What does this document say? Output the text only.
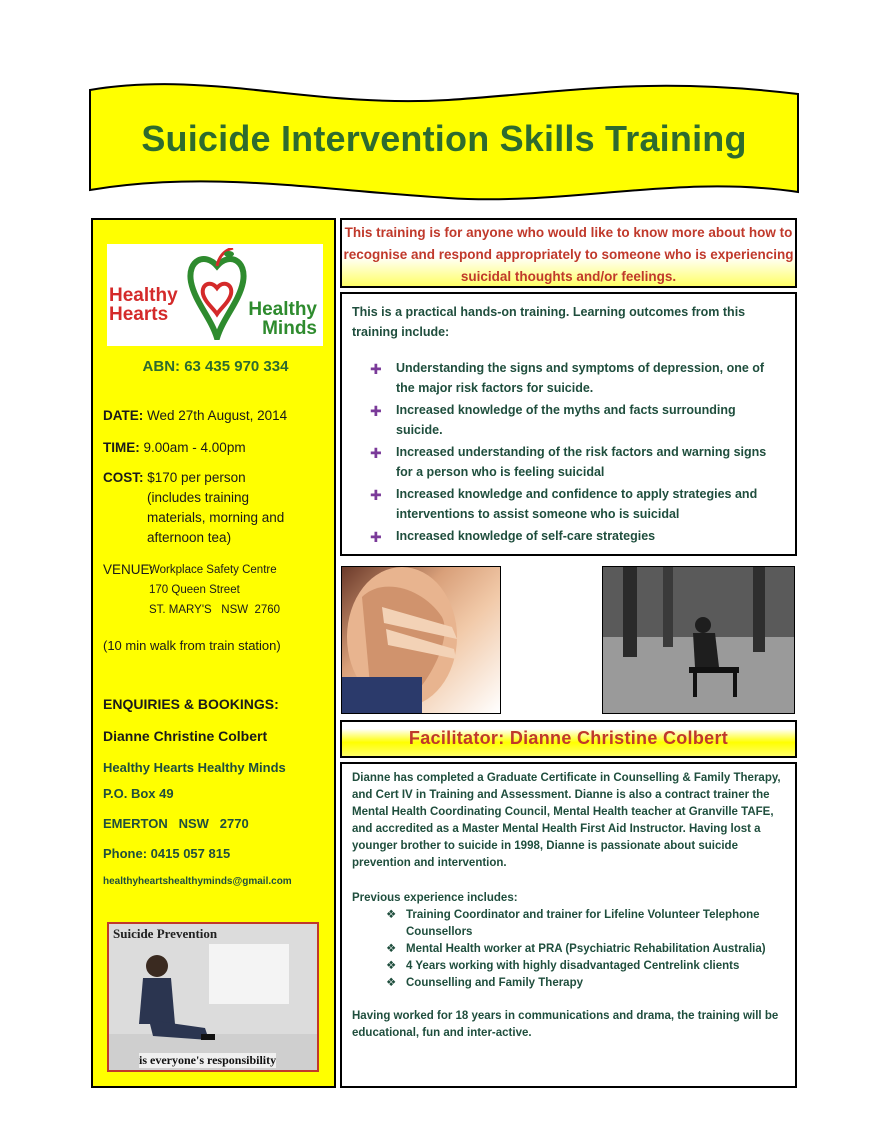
Suicide Intervention Skills Training
Healthy Hearts	Healthy Minds
ABN: 63 435 970 334
DATE: Wed 27th August, 2014
TIME: 9.00am - 4.00pm
COST: $170 per person
(includes training
materials, morning and
afternoon tea)
VENUE:
Workplace Safety Centre
170 Queen Street
ST. MARY'S   NSW  2760
(10 min walk from train station)
ENQUIRIES & BOOKINGS:
Dianne Christine Colbert
Healthy Hearts Healthy Minds
P.O. Box 49
EMERTON   NSW   2770
Phone: 0415 057 815
healthyheartshealthyminds@gmail.com
Suicide Prevention
is everyone's responsibility
This training is for anyone who would like to know more about how to recognise and respond appropriately to someone who is experiencing suicidal thoughts and/or feelings.
This is a practical hands-on training. Learning outcomes from this training include:
✚ Understanding the signs and symptoms of depression, one of the major risk factors for suicide.
✚ Increased knowledge of the myths and facts surrounding suicide.
✚ Increased understanding of the risk factors and warning signs for a person who is feeling suicidal
✚ Increased knowledge and confidence to apply strategies and interventions to assist someone who is suicidal
✚ Increased knowledge of self-care strategies
Facilitator: Dianne Christine Colbert
Dianne has completed a Graduate Certificate in Counselling & Family Therapy, and Cert IV in Training and Assessment. Dianne is also a contract trainer the Mental Health Coordinating Council, Mental Health teacher at Granville TAFE, and accredited as a Master Mental Health First Aid Instructor. Having lost a younger brother to suicide in 1998, Dianne is passionate about suicide prevention and intervention.
Previous experience includes:
❖ Training Coordinator and trainer for Lifeline Volunteer Telephone Counsellors
❖ Mental Health worker at PRA (Psychiatric Rehabilitation Australia)
❖ 4 Years working with highly disadvantaged Centrelink clients
❖ Counselling and Family Therapy
Having worked for 18 years in communications and drama, the training will be educational, fun and inter-active.
